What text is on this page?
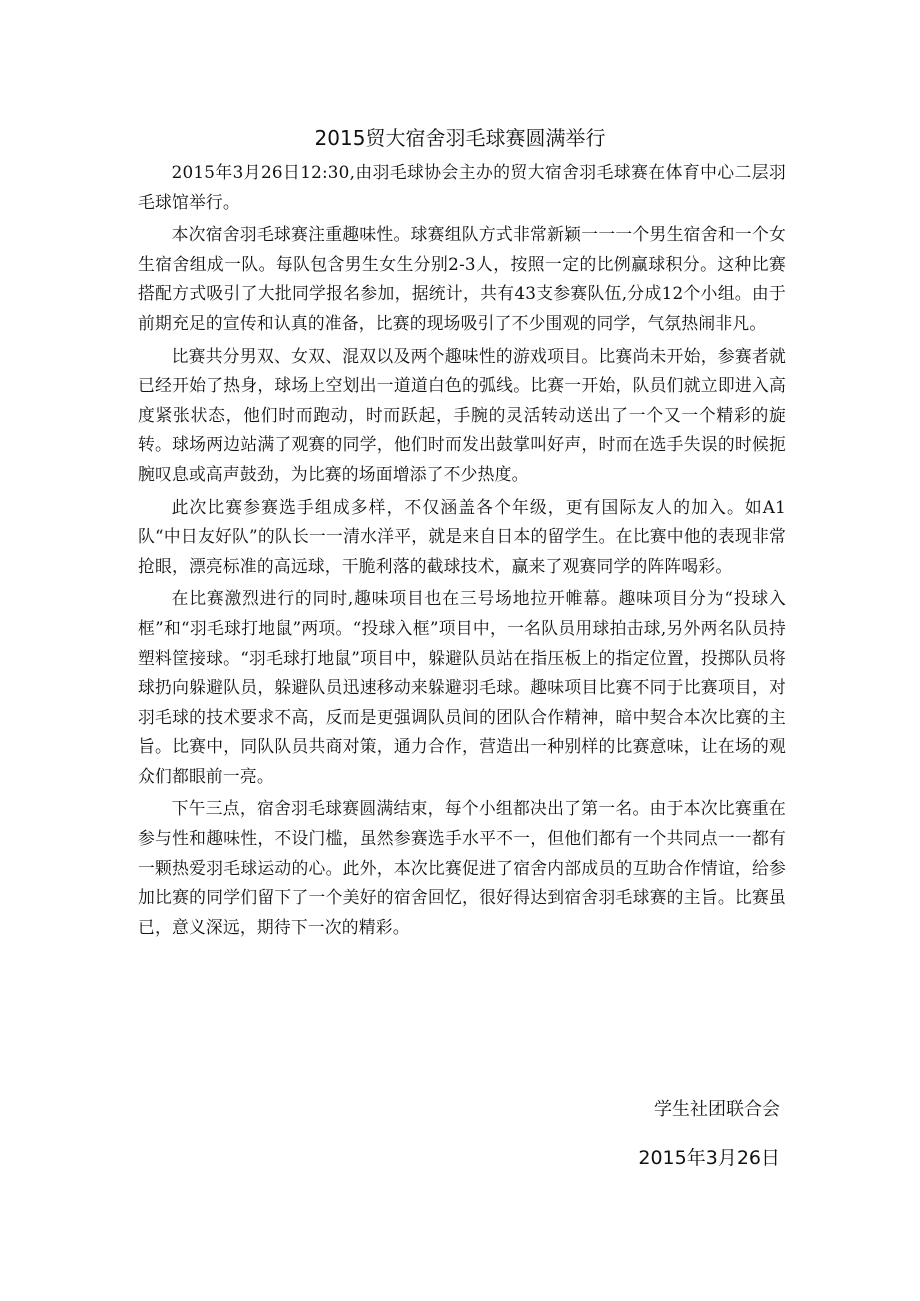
2015贸大宿舍羽毛球赛圆满举行

2015年3月26日12:30,由羽毛球协会主办的贸大宿舍羽毛球赛在体育中心二层羽毛球馆举行。

本次宿舍羽毛球赛注重趣味性。球赛组队方式非常新颖一一一个男生宿舍和一个女生宿舍组成一队。每队包含男生女生分别2-3人，按照一定的比例赢球积分。这种比赛搭配方式吸引了大批同学报名参加，据统计，共有43支参赛队伍,分成12个小组。由于前期充足的宣传和认真的准备，比赛的现场吸引了不少围观的同学，气氛热闹非凡。

比赛共分男双、女双、混双以及两个趣味性的游戏项目。比赛尚未开始，参赛者就已经开始了热身，球场上空划出一道道白色的弧线。比赛一开始，队员们就立即进入高度紧张状态，他们时而跑动，时而跃起，手腕的灵活转动送出了一个又一个精彩的旋转。球场两边站满了观赛的同学，他们时而发出鼓掌叫好声，时而在选手失误的时候扼腕叹息或高声鼓劲，为比赛的场面增添了不少热度。

此次比赛参赛选手组成多样，不仅涵盖各个年级，更有国际友人的加入。如A1队“中日友好队”的队长一一清水洋平，就是来自日本的留学生。在比赛中他的表现非常抢眼，漂亮标准的高远球，干脆利落的截球技术，赢来了观赛同学的阵阵喝彩。

在比赛激烈进行的同时,趣味项目也在三号场地拉开帷幕。趣味项目分为“投球入框”和“羽毛球打地鼠”两项。“投球入框”项目中，一名队员用球拍击球,另外两名队员持塑料筐接球。“羽毛球打地鼠”项目中，躲避队员站在指压板上的指定位置，投掷队员将球扔向躲避队员，躲避队员迅速移动来躲避羽毛球。趣味项目比赛不同于比赛项目，对羽毛球的技术要求不高，反而是更强调队员间的团队合作精神，暗中契合本次比赛的主旨。比赛中，同队队员共商对策，通力合作，营造出一种别样的比赛意味，让在场的观众们都眼前一亮。

下午三点，宿舍羽毛球赛圆满结束，每个小组都决出了第一名。由于本次比赛重在参与性和趣味性，不设门槛，虽然参赛选手水平不一，但他们都有一个共同点一一都有一颗热爱羽毛球运动的心。此外，本次比赛促进了宿舍内部成员的互助合作情谊，给参加比赛的同学们留下了一个美好的宿舍回忆，很好得达到宿舍羽毛球赛的主旨。比赛虽已，意义深远，期待下一次的精彩。

学生社团联合会
2015年3月26日
